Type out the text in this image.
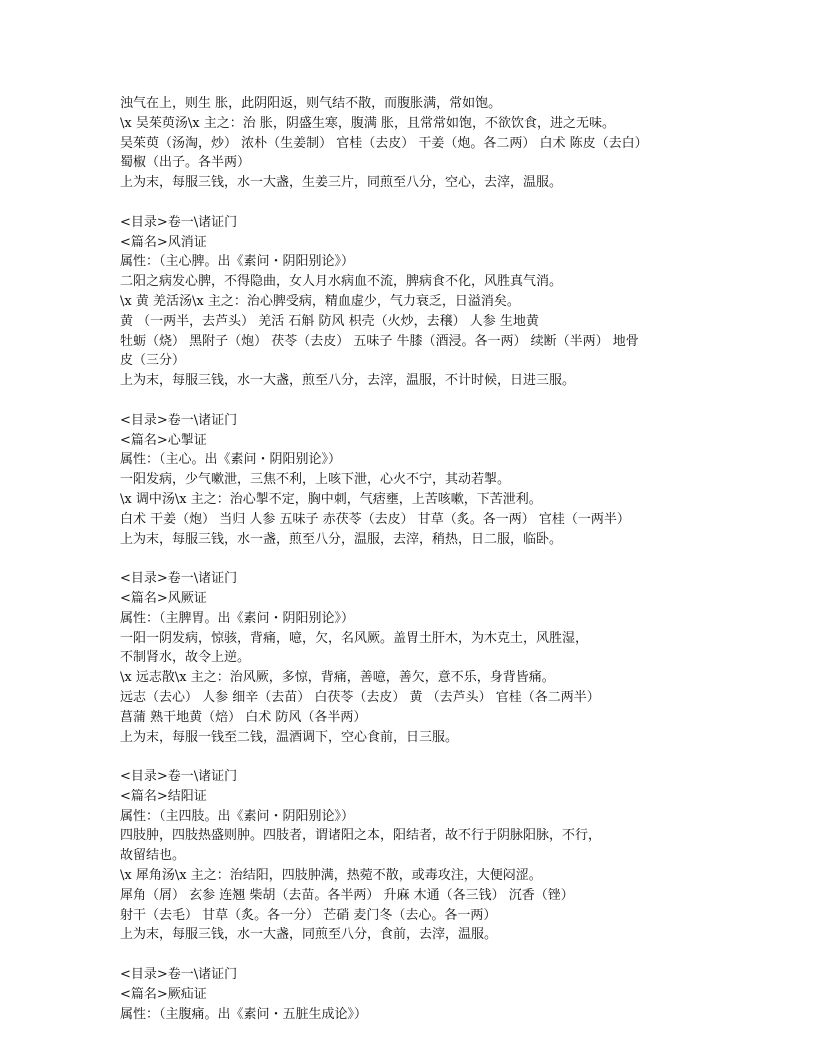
浊气在上，则生 胀，此阴阳返，则气结不散，而腹胀满，常如饱。
\x 吴茱萸汤\x 主之：治 胀，阴盛生寒，腹满 胀，且常常如饱，不欲饮食，进之无味。
吴茱萸（汤淘，炒） 浓朴（生姜制） 官桂（去皮） 干姜（炮。各二两） 白术 陈皮（去白）
蜀椒（出子。各半两）
上为末，每服三钱，水一大盏，生姜三片，同煎至八分，空心，去滓，温服。
<目录>卷一\诸证门
<篇名>风消证
属性：（主心脾。出《素问・阴阳别论》）
二阳之病发心脾，不得隐曲，女人月水病血不流，脾病食不化，风胜真气消。
\x 黄 羌活汤\x 主之：治心脾受病，精血虚少，气力衰乏，日溢消矣。
黄 （一两半，去芦头） 羌活 石斛 防风 枳壳（火炒，去穣） 人参 生地黄
牡蛎（烧） 黑附子（炮） 茯苓（去皮） 五味子 牛膝（酒浸。各一两） 续断（半两） 地骨
皮（三分）
上为末，每服三钱，水一大盏，煎至八分，去滓，温服，不计时候，日进三服。
<目录>卷一\诸证门
<篇名>心掣证
属性：（主心。出《素问・阴阳别论》）
一阳发病，少气嗽泄，三焦不利，上咳下泄，心火不宁，其动若掣。
\x 调中汤\x 主之：治心掣不定，胸中刺，气痞壅，上苦咳嗽，下苦泄利。
白术 干姜（炮） 当归 人参 五味子 赤茯苓（去皮） 甘草（炙。各一两） 官桂（一两半）
上为末，每服三钱，水一盏，煎至八分，温服，去滓，稍热，日二服，临卧。
<目录>卷一\诸证门
<篇名>风厥证
属性：（主脾胃。出《素问・阴阳别论》）
一阳一阴发病，惊骇，背痛，噫，欠，名风厥。盖胃土肝木，为木克土，风胜湿，
不制肾水，故令上逆。
\x 远志散\x 主之：治风厥，多惊，背痛，善噫，善欠，意不乐，身背皆痛。
远志（去心） 人参 细辛（去苗） 白茯苓（去皮） 黄 （去芦头） 官桂（各二两半）
菖蒲 熟干地黄（焙） 白术 防风（各半两）
上为末，每服一钱至二钱，温酒调下，空心食前，日三服。
<目录>卷一\诸证门
<篇名>结阳证
属性：（主四肢。出《素问・阴阳别论》）
四肢肿，四肢热盛则肿。四肢者，谓诸阳之本，阳结者，故不行于阴脉阳脉，不行，
故留结也。
\x 犀角汤\x 主之：治结阳，四肢肿满，热菀不散，或毒攻注，大便闷涩。
犀角（屑） 玄参 连翘 柴胡（去苗。各半两） 升麻 木通（各三钱） 沉香（锉）
射干（去毛） 甘草（炙。各一分） 芒硝 麦门冬（去心。各一两）
上为末，每服三钱，水一大盏，同煎至八分，食前，去滓，温服。
<目录>卷一\诸证门
<篇名>厥疝证
属性：（主腹痛。出《素问・五脏生成论》）
